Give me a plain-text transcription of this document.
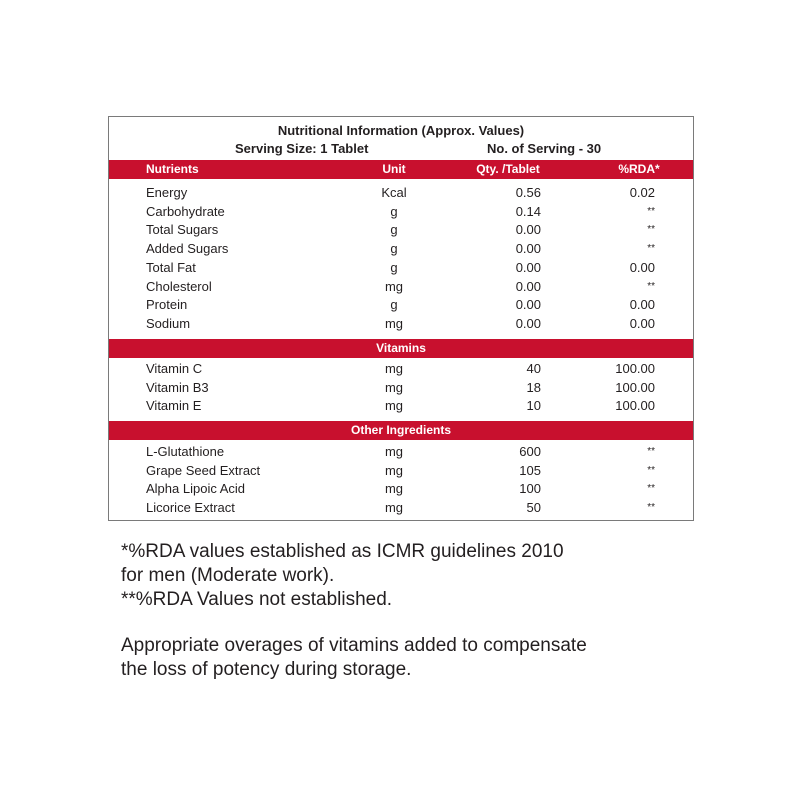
Nutritional Information (Approx. Values)
Serving Size: 1 Tablet	No. of Serving - 30
Nutrients	Unit	Qty. /Tablet	%RDA*
Energy	Kcal	0.56	0.02
Carbohydrate	g	0.14	**
Total Sugars	g	0.00	**
Added Sugars	g	0.00	**
Total Fat	g	0.00	0.00
Cholesterol	mg	0.00	**
Protein	g	0.00	0.00
Sodium	mg	0.00	0.00
Vitamins
Vitamin C	mg	40	100.00
Vitamin B3	mg	18	100.00
Vitamin E	mg	10	100.00
Other Ingredients
L-Glutathione	mg	600	**
Grape Seed Extract	mg	105	**
Alpha Lipoic Acid	mg	100	**
Licorice Extract	mg	50	**

*%RDA values established as ICMR guidelines 2010

for men (Moderate work).

**%RDA Values not established.

Appropriate overages of vitamins added to compensate

the loss of potency during storage.
